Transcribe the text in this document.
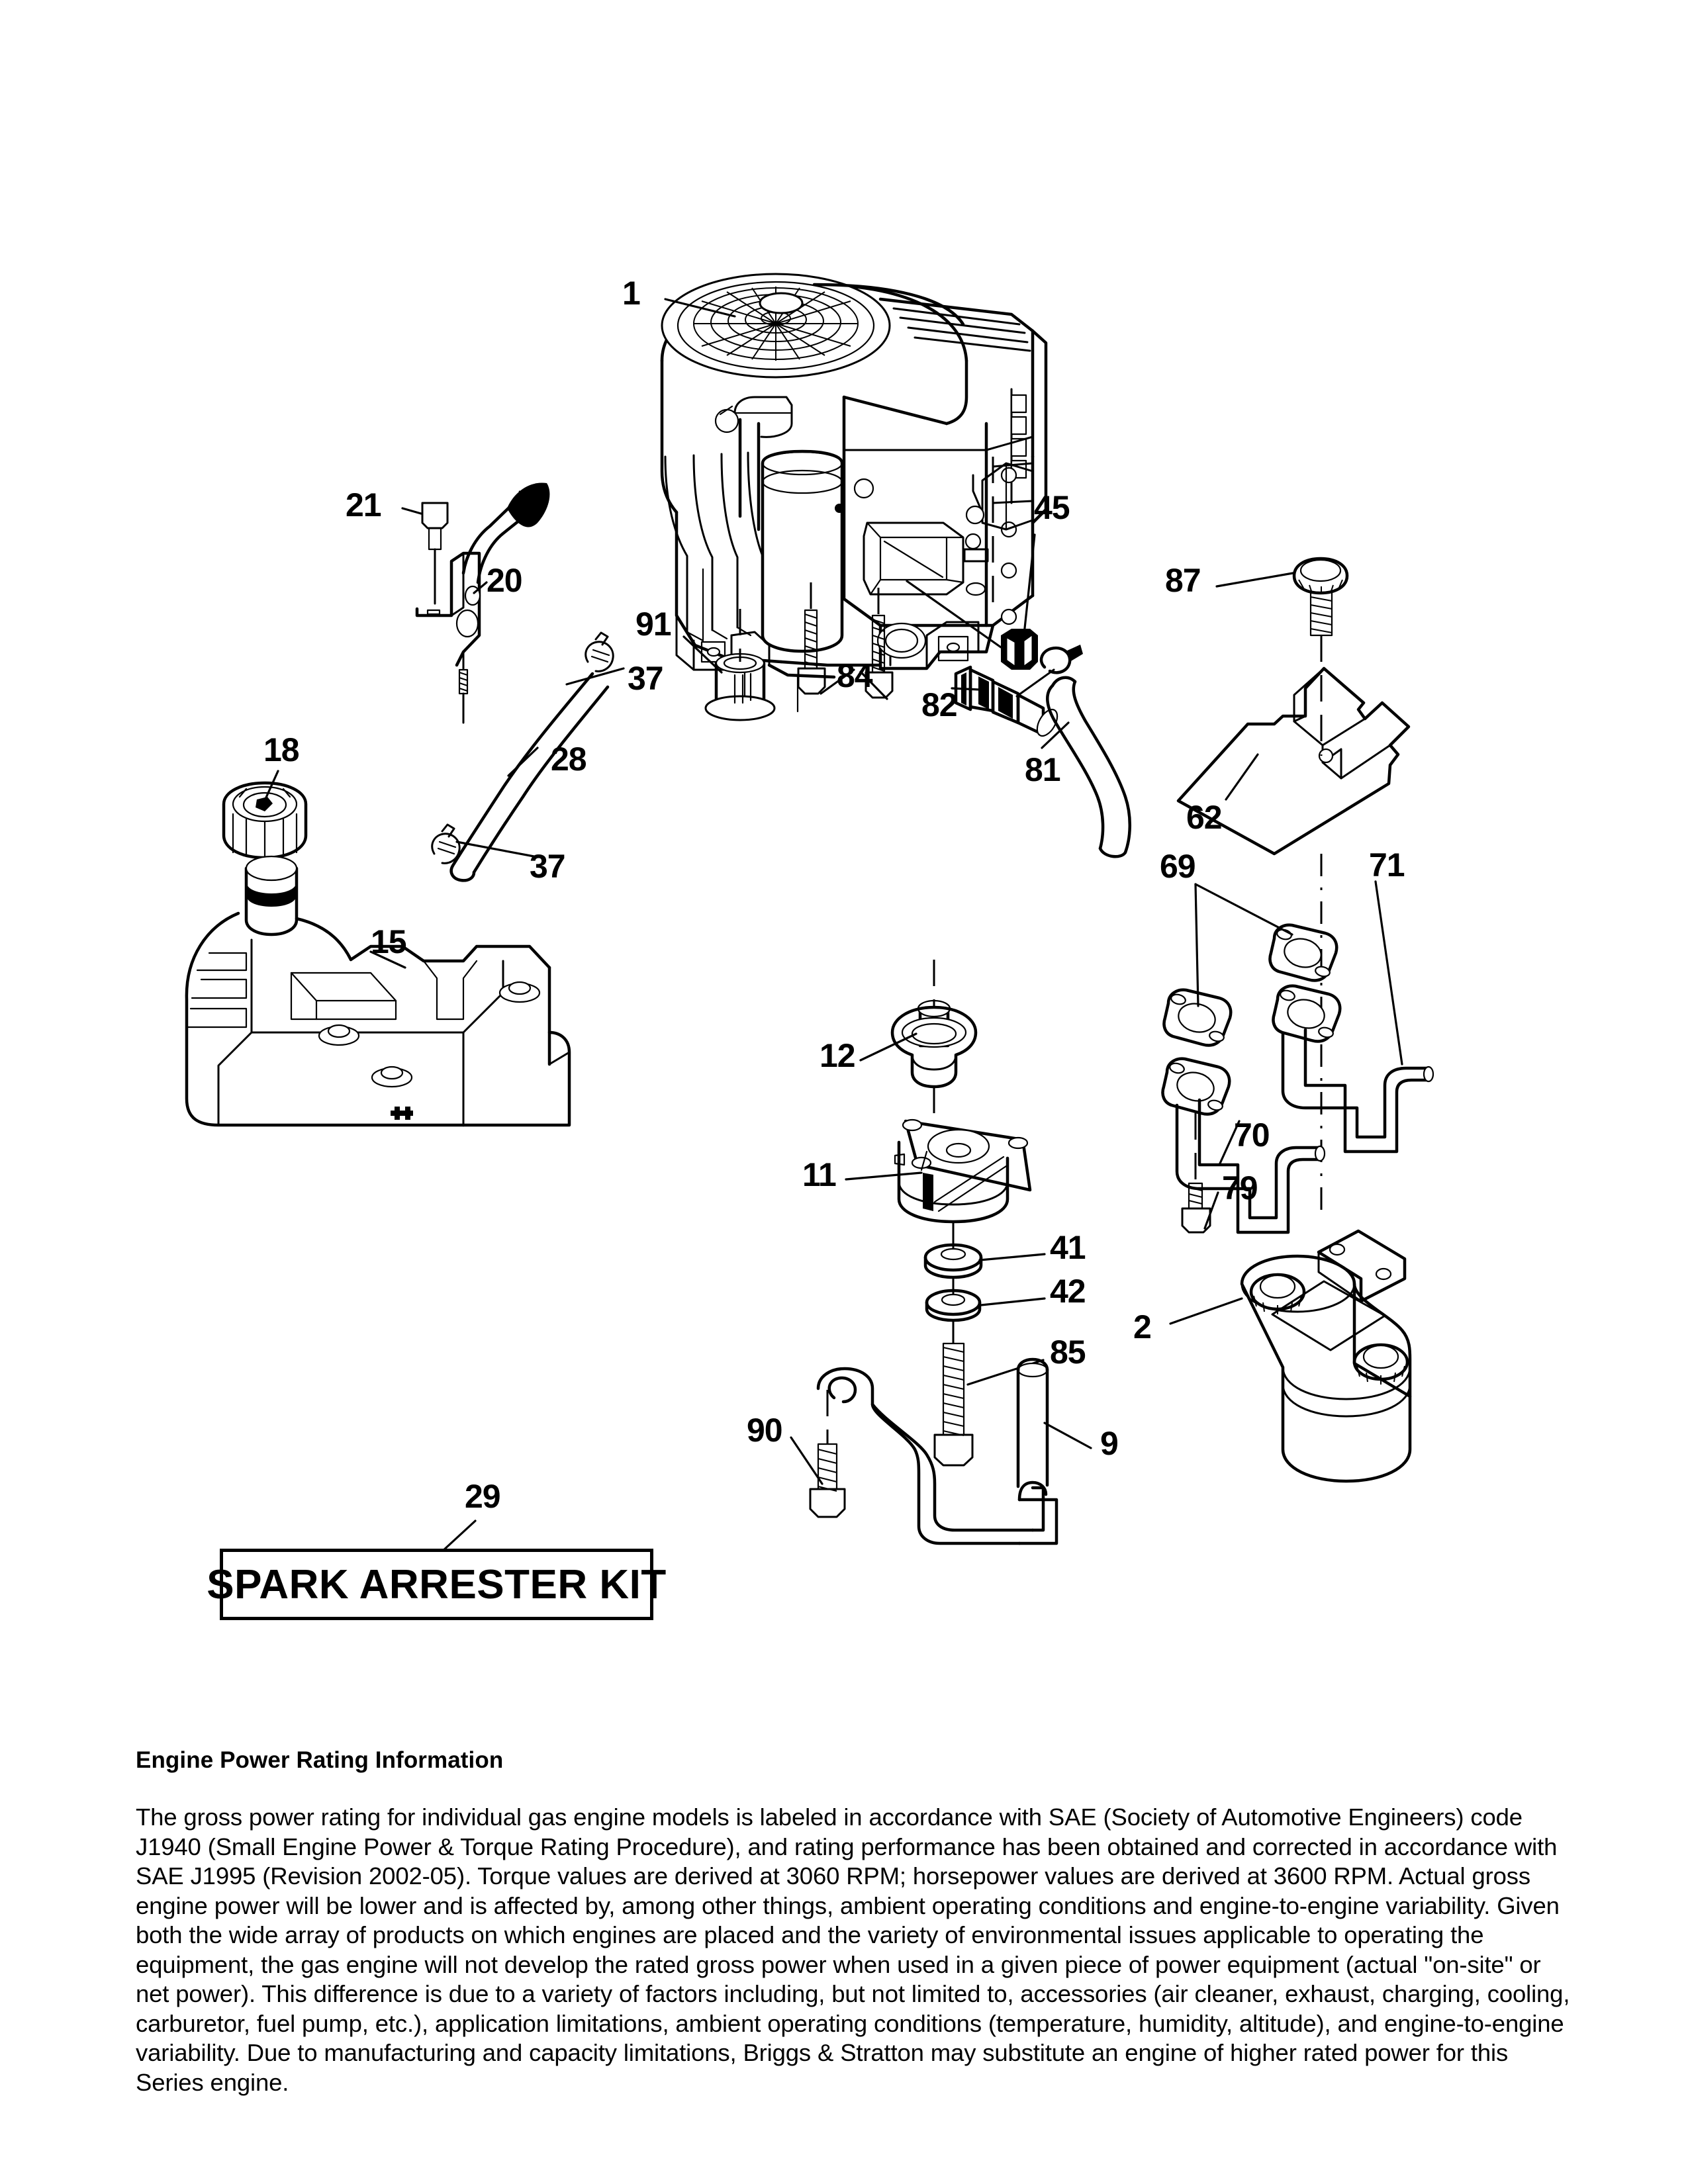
1
21
20
45
87
91
84
82
37
28
18
81
62
37	69	71
15
12
70
11	79
41
42
2
85
90	9
29
SPARK ARRESTER KIT
Engine Power Rating Information

The gross power rating for individual gas engine models is labeled in accordance with SAE (Society of Automotive Engineers) code J1940 (Small Engine Power & Torque Rating Procedure), and rating performance has been obtained and corrected in accordance with SAE J1995 (Revision 2002-05). Torque values are derived at 3060 RPM; horsepower values are derived at 3600 RPM. Actual gross engine power will be lower and is affected by, among other things, ambient operating conditions and engine-to-engine variability. Given both the wide array of products on which engines are placed and the variety of environmental issues applicable to operating the equipment, the gas engine will not develop the rated gross power when used in a given piece of power equipment (actual "on-site" or net power). This difference is due to a variety of factors including, but not limited to, accessories (air cleaner, exhaust, charging, cooling, carburetor, fuel pump, etc.), application limitations, ambient operating conditions (temperature, humidity, altitude), and engine-to-engine variability. Due to manufacturing and capacity limitations, Briggs & Stratton may substitute an engine of higher rated power for this Series engine.
